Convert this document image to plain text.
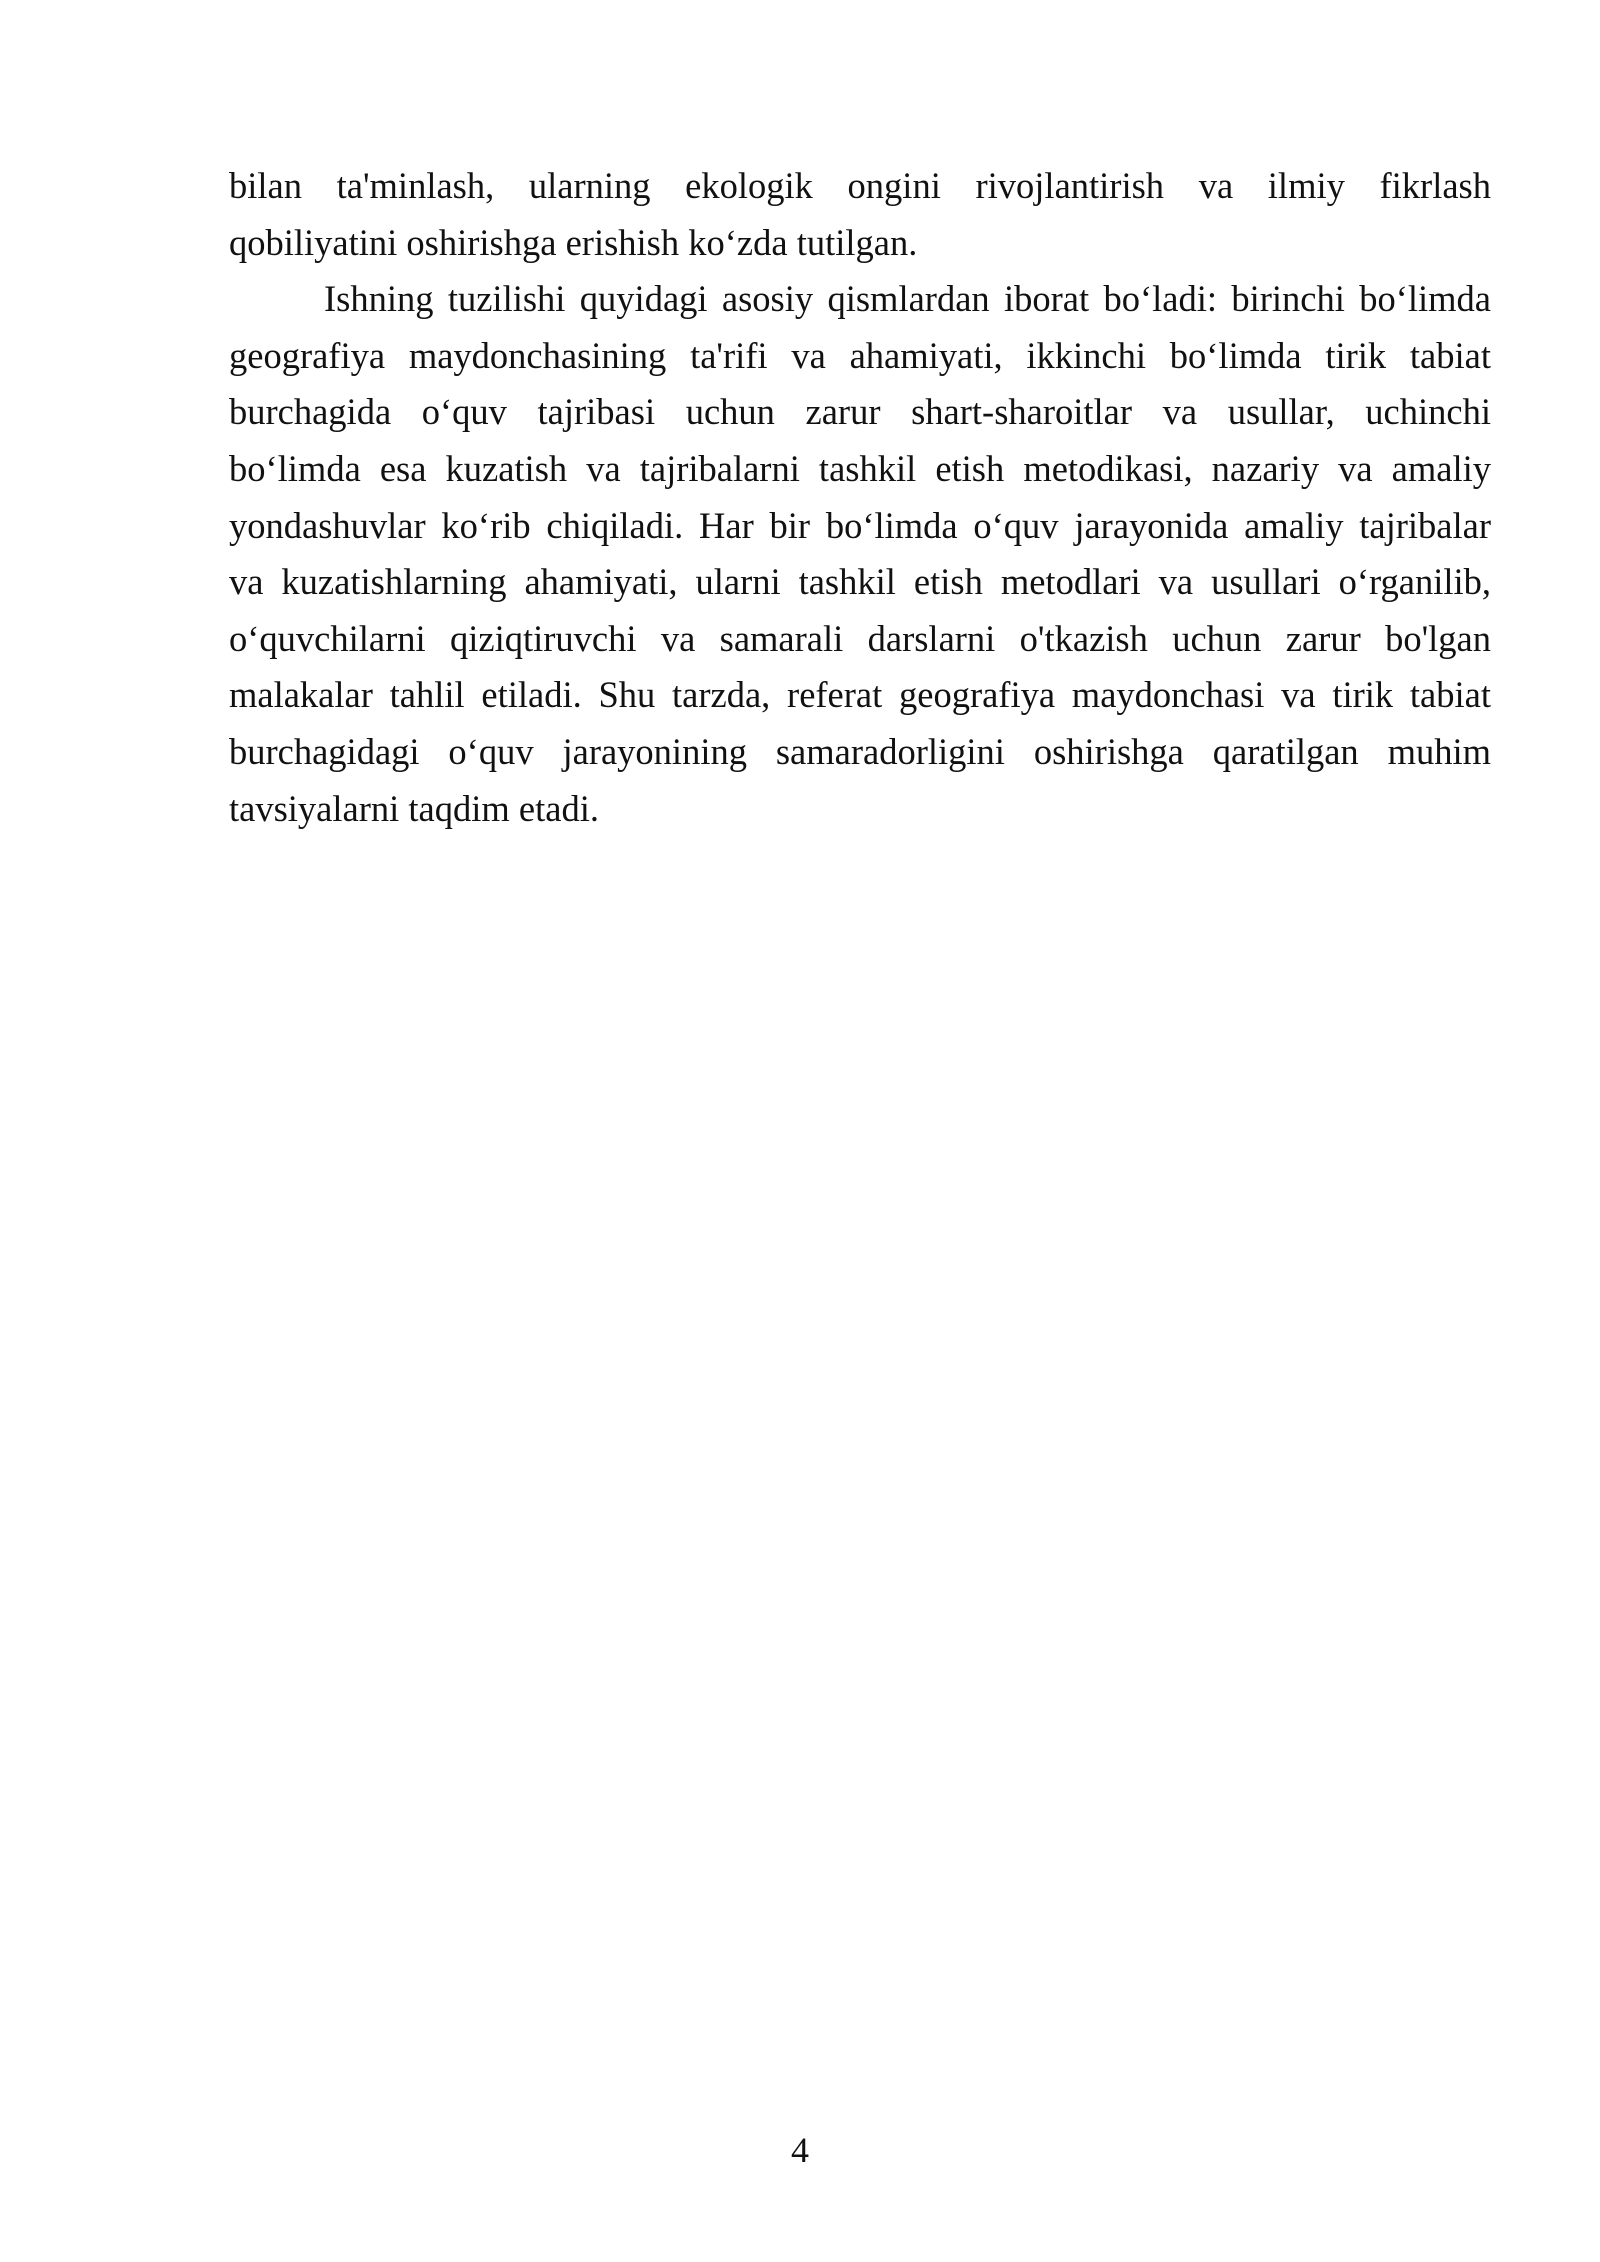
bilan ta'minlash, ularning ekologik ongini rivojlantirish va ilmiy fikrlash
qobiliyatini oshirishga erishish ko‘zda tutilgan.
Ishning tuzilishi quyidagi asosiy qismlardan iborat bo‘ladi: birinchi bo‘limda
geografiya maydonchasining ta'rifi va ahamiyati, ikkinchi bo‘limda tirik tabiat
burchagida o‘quv tajribasi uchun zarur shart-sharoitlar va usullar, uchinchi
bo‘limda esa kuzatish va tajribalarni tashkil etish metodikasi, nazariy va amaliy
yondashuvlar ko‘rib chiqiladi. Har bir bo‘limda o‘quv jarayonida amaliy tajribalar
va kuzatishlarning ahamiyati, ularni tashkil etish metodlari va usullari o‘rganilib,
o‘quvchilarni qiziqtiruvchi va samarali darslarni o'tkazish uchun zarur bo'lgan
malakalar tahlil etiladi. Shu tarzda, referat geografiya maydonchasi va tirik tabiat
burchagidagi o‘quv jarayonining samaradorligini oshirishga qaratilgan muhim
tavsiyalarni taqdim etadi.
4
